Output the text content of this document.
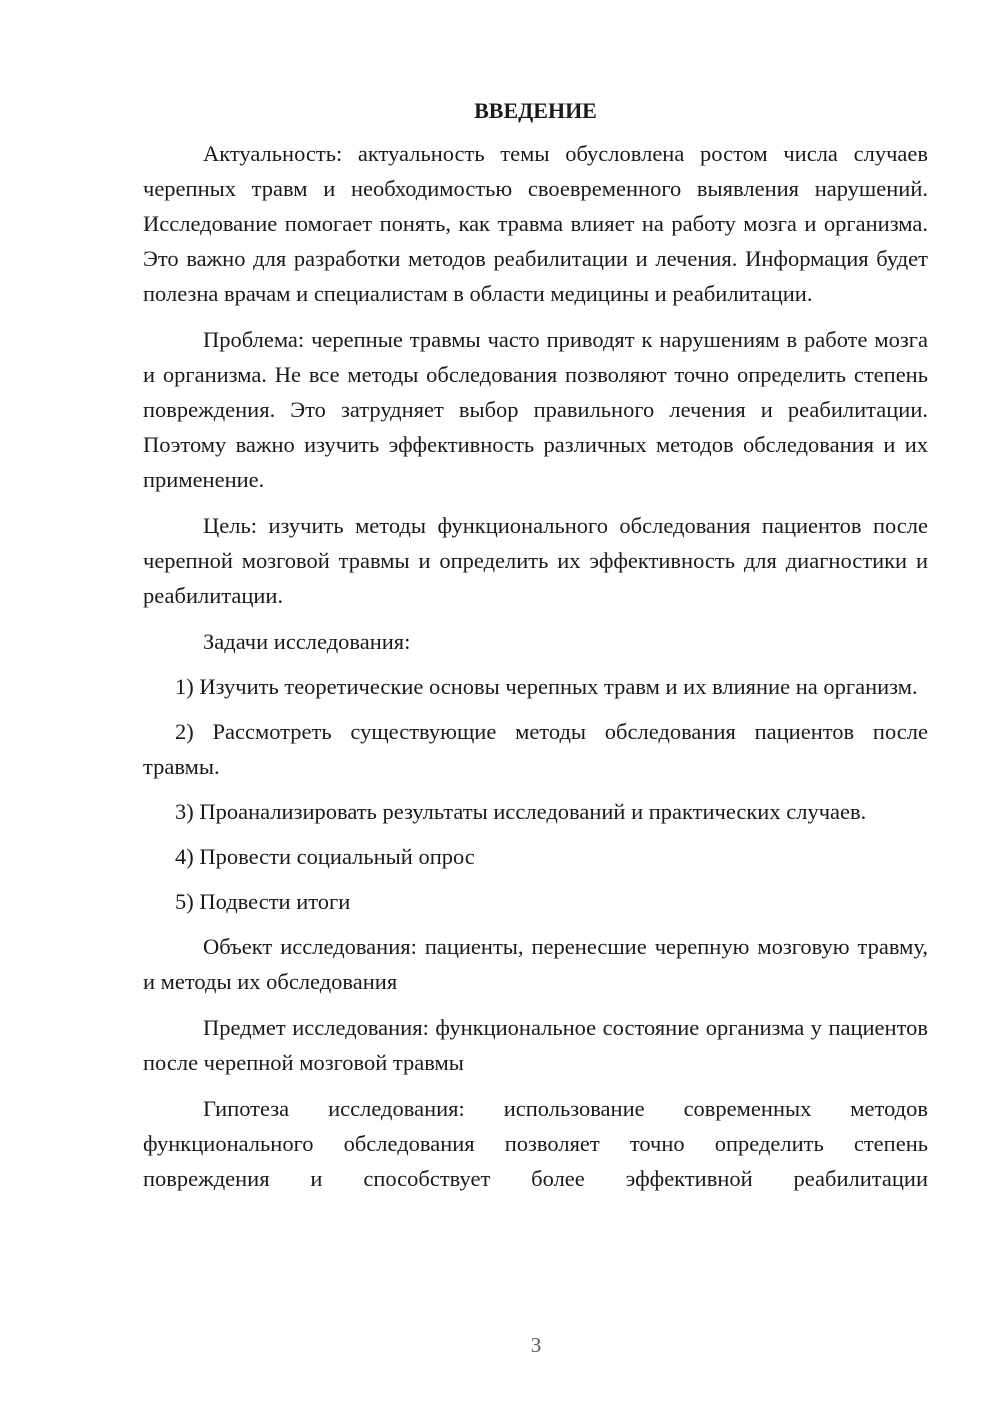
ВВЕДЕНИЕ

Актуальность: актуальность темы обусловлена ростом числа случаев черепных травм и необходимостью своевременного выявления нарушений. Исследование помогает понять, как травма влияет на работу мозга и организма. Это важно для разработки методов реабилитации и лечения. Информация будет полезна врачам и специалистам в области медицины и реабилитации.

Проблема: черепные травмы часто приводят к нарушениям в работе мозга и организма. Не все методы обследования позволяют точно определить степень повреждения. Это затрудняет выбор правильного лечения и реабилитации. Поэтому важно изучить эффективность различных методов обследования и их применение.

Цель: изучить методы функционального обследования пациентов после черепной мозговой травмы и определить их эффективность для диагностики и реабилитации.

Задачи исследования:

1) Изучить теоретические основы черепных травм и их влияние на организм.

2) Рассмотреть существующие методы обследования пациентов после травмы.

3) Проанализировать результаты исследований и практических случаев.

4) Провести социальный опрос

5) Подвести итоги

Объект исследования: пациенты, перенесшие черепную мозговую травму, и методы их обследования

Предмет исследования: функциональное состояние организма у пациентов после черепной мозговой травмы

Гипотеза исследования: использование современных методов функционального обследования позволяет точно определить степень повреждения и способствует более эффективной реабилитации

3
